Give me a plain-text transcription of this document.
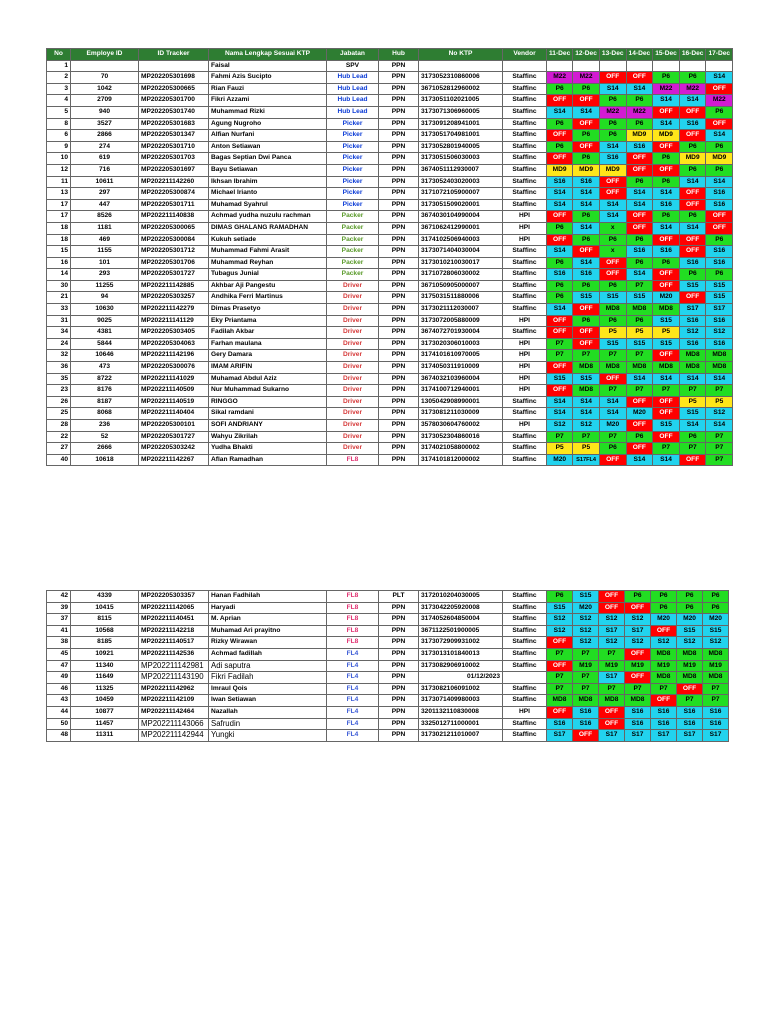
No	Employe ID	ID Tracker	Nama Lengkap Sesuai KTP	Jabatan	Hub	No KTP	Vendor	11-Dec	12-Dec	13-Dec	14-Dec	15-Dec	16-Dec	17-Dec
1			Faisal	SPV	PPN									
2	70	MP202205301698	Fahmi Azis Sucipto	Hub Lead	PPN	3173052310860006	Staffinc	M22	M22	OFF	OFF	P6	P6	S14
3	1042	MP202205300665	Rian Fauzi	Hub Lead	PPN	3671052812960002	Staffinc	P6	P6	S14	S14	M22	M22	OFF
4	2709	MP202205301700	Fikri Azzami	Hub Lead	PPN	3173051102021005	Staffinc	OFF	OFF	P6	P6	S14	S14	M22
5	940	MP202205301740	Muhammad Rizki	Hub Lead	PPN	3173071306960005	Staffinc	S14	S14	M22	M22	OFF	OFF	P6
8	3527	MP202205301683	Agung Nugroho	Picker	PPN	3173091208941001	Staffinc	P6	OFF	P6	P6	S14	S16	OFF
6	2866	MP202205301347	Alfian Nurfani	Picker	PPN	3173051704981001	Staffinc	OFF	P6	P6	MD9	MD9	OFF	S14
9	274	MP202205301710	Anton Setiawan	Picker	PPN	3173052801940005	Staffinc	P6	OFF	S14	S16	OFF	P6	P6
10	619	MP202205301703	Bagas Septian Dwi Panca	Picker	PPN	3173051506030003	Staffinc	OFF	P6	S16	OFF	P6	MD9	MD9
12	716	MP202205301697	Bayu Setiawan	Picker	PPN	3674051112930007	Staffinc	MD9	MD9	MD9	OFF	OFF	P6	P6
11	10611	MP202211142260	Ikhsan Ibrahim	Picker	PPN	3173052403020003	Staffinc	S16	S16	OFF	P6	P6	S14	S14
13	297	MP202205300874	Michael Irianto	Picker	PPN	3171072105900007	Staffinc	S14	S14	OFF	S14	S14	OFF	S16
17	447	MP202205301711	Muhamad Syahrul	Picker	PPN	3173051509020001	Staffinc	S14	S14	S14	S14	S16	OFF	S16
17	8526	MP202211140838	Achmad yudha nuzulu rachman	Packer	PPN	3674030104990004	HPI	OFF	P6	S14	OFF	P6	P6	OFF
18	1181	MP202205300065	DIMAS GHALANG RAMADHAN	Packer	PPN	3671062412990001	HPI	P6	S14	x	OFF	S14	S14	OFF
18	469	MP202205300084	Kukuh setiade	Packer	PPN	3174102506940003	HPI	OFF	P6	P6	P6	OFF	OFF	P6
15	1155	MP202205301712	Muhammad Fahmi Arasit	Packer	PPN	3173071404030004	Staffinc	S14	OFF	x	S16	S16	OFF	S16
16	101	MP202205301706	Muhammad Reyhan	Packer	PPN	3173010210030017	Staffinc	P6	S14	OFF	P6	P6	S16	S16
14	293	MP202205301727	Tubagus Junial	Packer	PPN	3171072806030002	Staffinc	S16	S16	OFF	S14	OFF	P6	P6
30	11255	MP202211142885	Akhbar Aji Pangestu	Driver	PPN	3671050905000007	Staffinc	P6	P6	P6	P7	OFF	S15	S15
21	94	MP202205303257	Andhika Ferri Martinus	Driver	PPN	3175031511880006	Staffinc	P6	S15	S15	S15	M20	OFF	S15
33	10630	MP202211142279	Dimas Prasetyo	Driver	PPN	3173021112030007	Staffinc	S14	OFF	MD8	MD8	MD8	S17	S17
31	9025	MP202211141129	Eky Priantama	Driver	PPN	3173072005880009	HPI	OFF	P6	P6	P6	S15	S16	S16
34	4381	MP202205303405	Fadilah Akbar	Driver	PPN	3674072701930004	Staffinc	OFF	OFF	P5	P5	P5	S12	S12
24	5844	MP202205304063	Farhan maulana	Driver	PPN	3173020306010003	HPI	P7	OFF	S15	S15	S15	S16	S16
32	10646	MP202211142196	Gery Damara	Driver	PPN	3174101610970005	HPI	P7	P7	P7	P7	OFF	MD8	MD8
36	473	MP202205300076	IMAM ARIFIN	Driver	PPN	3174050311910009	HPI	OFF	MD8	MD8	MD8	MD8	MD8	MD8
35	8722	MP202211141029	Muhamad Abdul Aziz	Driver	PPN	3674032103960004	HPI	S15	S15	OFF	S14	S14	S14	S14
23	8176	MP202211140509	Nur Muhammad Sukarno	Driver	PPN	3174100712940001	HPI	OFF	MD8	P7	P7	P7	P7	P7
26	8187	MP202211140519	RINGGO	Driver	PPN	1305042908990001	Staffinc	S14	S14	S14	OFF	OFF	P5	P5
25	8068	MP202211140404	Sikal ramdani	Driver	PPN	3173081211030009	Staffinc	S14	S14	S14	M20	OFF	S15	S12
28	236	MP202205300101	SOFI ANDRIANY	Driver	PPN	3578030604760002	HPI	S12	S12	M20	OFF	S15	S14	S14
22	52	MP202205301727	Wahyu Zikrilah	Driver	PPN	3173052304860016	Staffinc	P7	P7	P7	P6	OFF	P6	P7
27	2666	MP202205303242	Yudha Bhakti	Driver	PPN	3174021058800002	Staffinc	P5	P5	P6	OFF	P7	P7	P7
40	10618	MP202211142267	Aflan Ramadhan	FL8	PPN	3174101812000002	Staffinc	M20	S17FL4	OFF	S14	S14	OFF	P7
42	4339	MP202205303357	Hanan Fadhilah	FL8	PLT	3172010204030005	Staffinc	P6	S15	OFF	P6	P6	P6	P6
39	10415	MP202211142065	Haryadi	FL8	PPN	3173042205920008	Staffinc	S15	M20	OFF	OFF	P6	P6	P6
37	8115	MP202211140451	M. Aprian	FL8	PPN	3174052604850004	Staffinc	S12	S12	S12	S12	M20	M20	M20
41	10568	MP202211142218	Muhamad Ari prayitno	FL8	PPN	3671122501900005	Staffinc	S12	S12	S17	S17	OFF	S15	S15
38	8185	MP202211140517	Rizky Wirawan	FL8	PPN	3173072909931002	Staffinc	OFF	S12	S12	S12	S12	S12	S12
45	10921	MP202211142536	Achmad fadillah	FL4	PPN	3173013101840013	Staffinc	P7	P7	P7	OFF	MD8	MD8	MD8
47	11340	MP202211142981	Adi saputra	FL4	PPN	3173082906910002	Staffinc	OFF	M19	M19	M19	M19	M19	M19
49	11649	MP202211143190	Fikri Fadilah	FL4	PPN	01/12/2023		P7	P7	S17	OFF	MD8	MD8	MD8
46	11325	MP202211142962	Imraul Qois	FL4	PPN	3173082106091002	Staffinc	P7	P7	P7	P7	P7	OFF	P7
43	10459	MP202211142109	Iwan Setiawan	FL4	PPN	3173071409980003	Staffinc	MD8	MD8	MD8	MD8	OFF	P7	P7
44	10877	MP202211142464	Nazallah	FL4	PPN	3201132110830008	HPI	OFF	S16	OFF	S16	S16	S16	S16
50	11457	MP202211143066	Safrudin	FL4	PPN	3325012711000001	Staffinc	S16	S16	OFF	S16	S16	S16	S16
48	11311	MP202211142944	Yungki	FL4	PPN	3173021211010007	Staffinc	S17	OFF	S17	S17	S17	S17	S17
